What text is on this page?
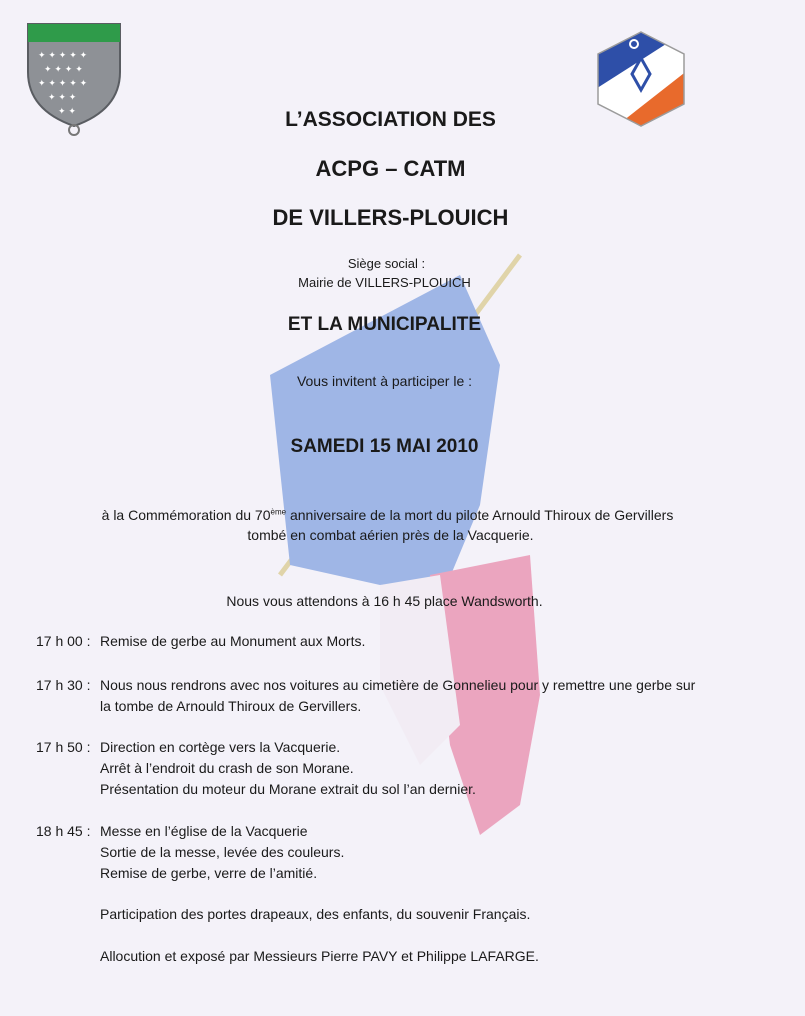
✦ ✦ ✦ ✦ ✦
✦ ✦ ✦ ✦
✦ ✦ ✦ ✦ ✦
✦ ✦ ✦
✦ ✦	L’ASSOCIATION DES
ACPG – CATM
DE VILLERS-PLOUICH
Siège social :
Mairie de VILLERS-PLOUICH
ET LA MUNICIPALITE
Vous invitent à participer le :
SAMEDI 15 MAI 2010
à la Commémoration du 70ème anniversaire de la mort du pilote Arnould Thiroux de Gervillers
tombé en combat aérien près de la Vacquerie.
Nous vous attendons à 16 h 45 place Wandsworth.
17 h 00 : Remise de gerbe au Monument aux Morts.
17 h 30 : Nous nous rendrons avec nos voitures au cimetière de Gonnelieu pour y remettre une gerbe sur
la tombe de Arnould Thiroux de Gervillers.
17 h 50 : Direction en cortège vers la Vacquerie.
Arrêt à l’endroit du crash de son Morane.
Présentation du moteur du Morane extrait du sol l’an dernier.
18 h 45 : Messe en l’église de la Vacquerie
Sortie de la messe, levée des couleurs.
Remise de gerbe, verre de l’amitié.
Participation des portes drapeaux, des enfants, du souvenir Français.
Allocution et exposé par Messieurs Pierre PAVY et Philippe LAFARGE.
